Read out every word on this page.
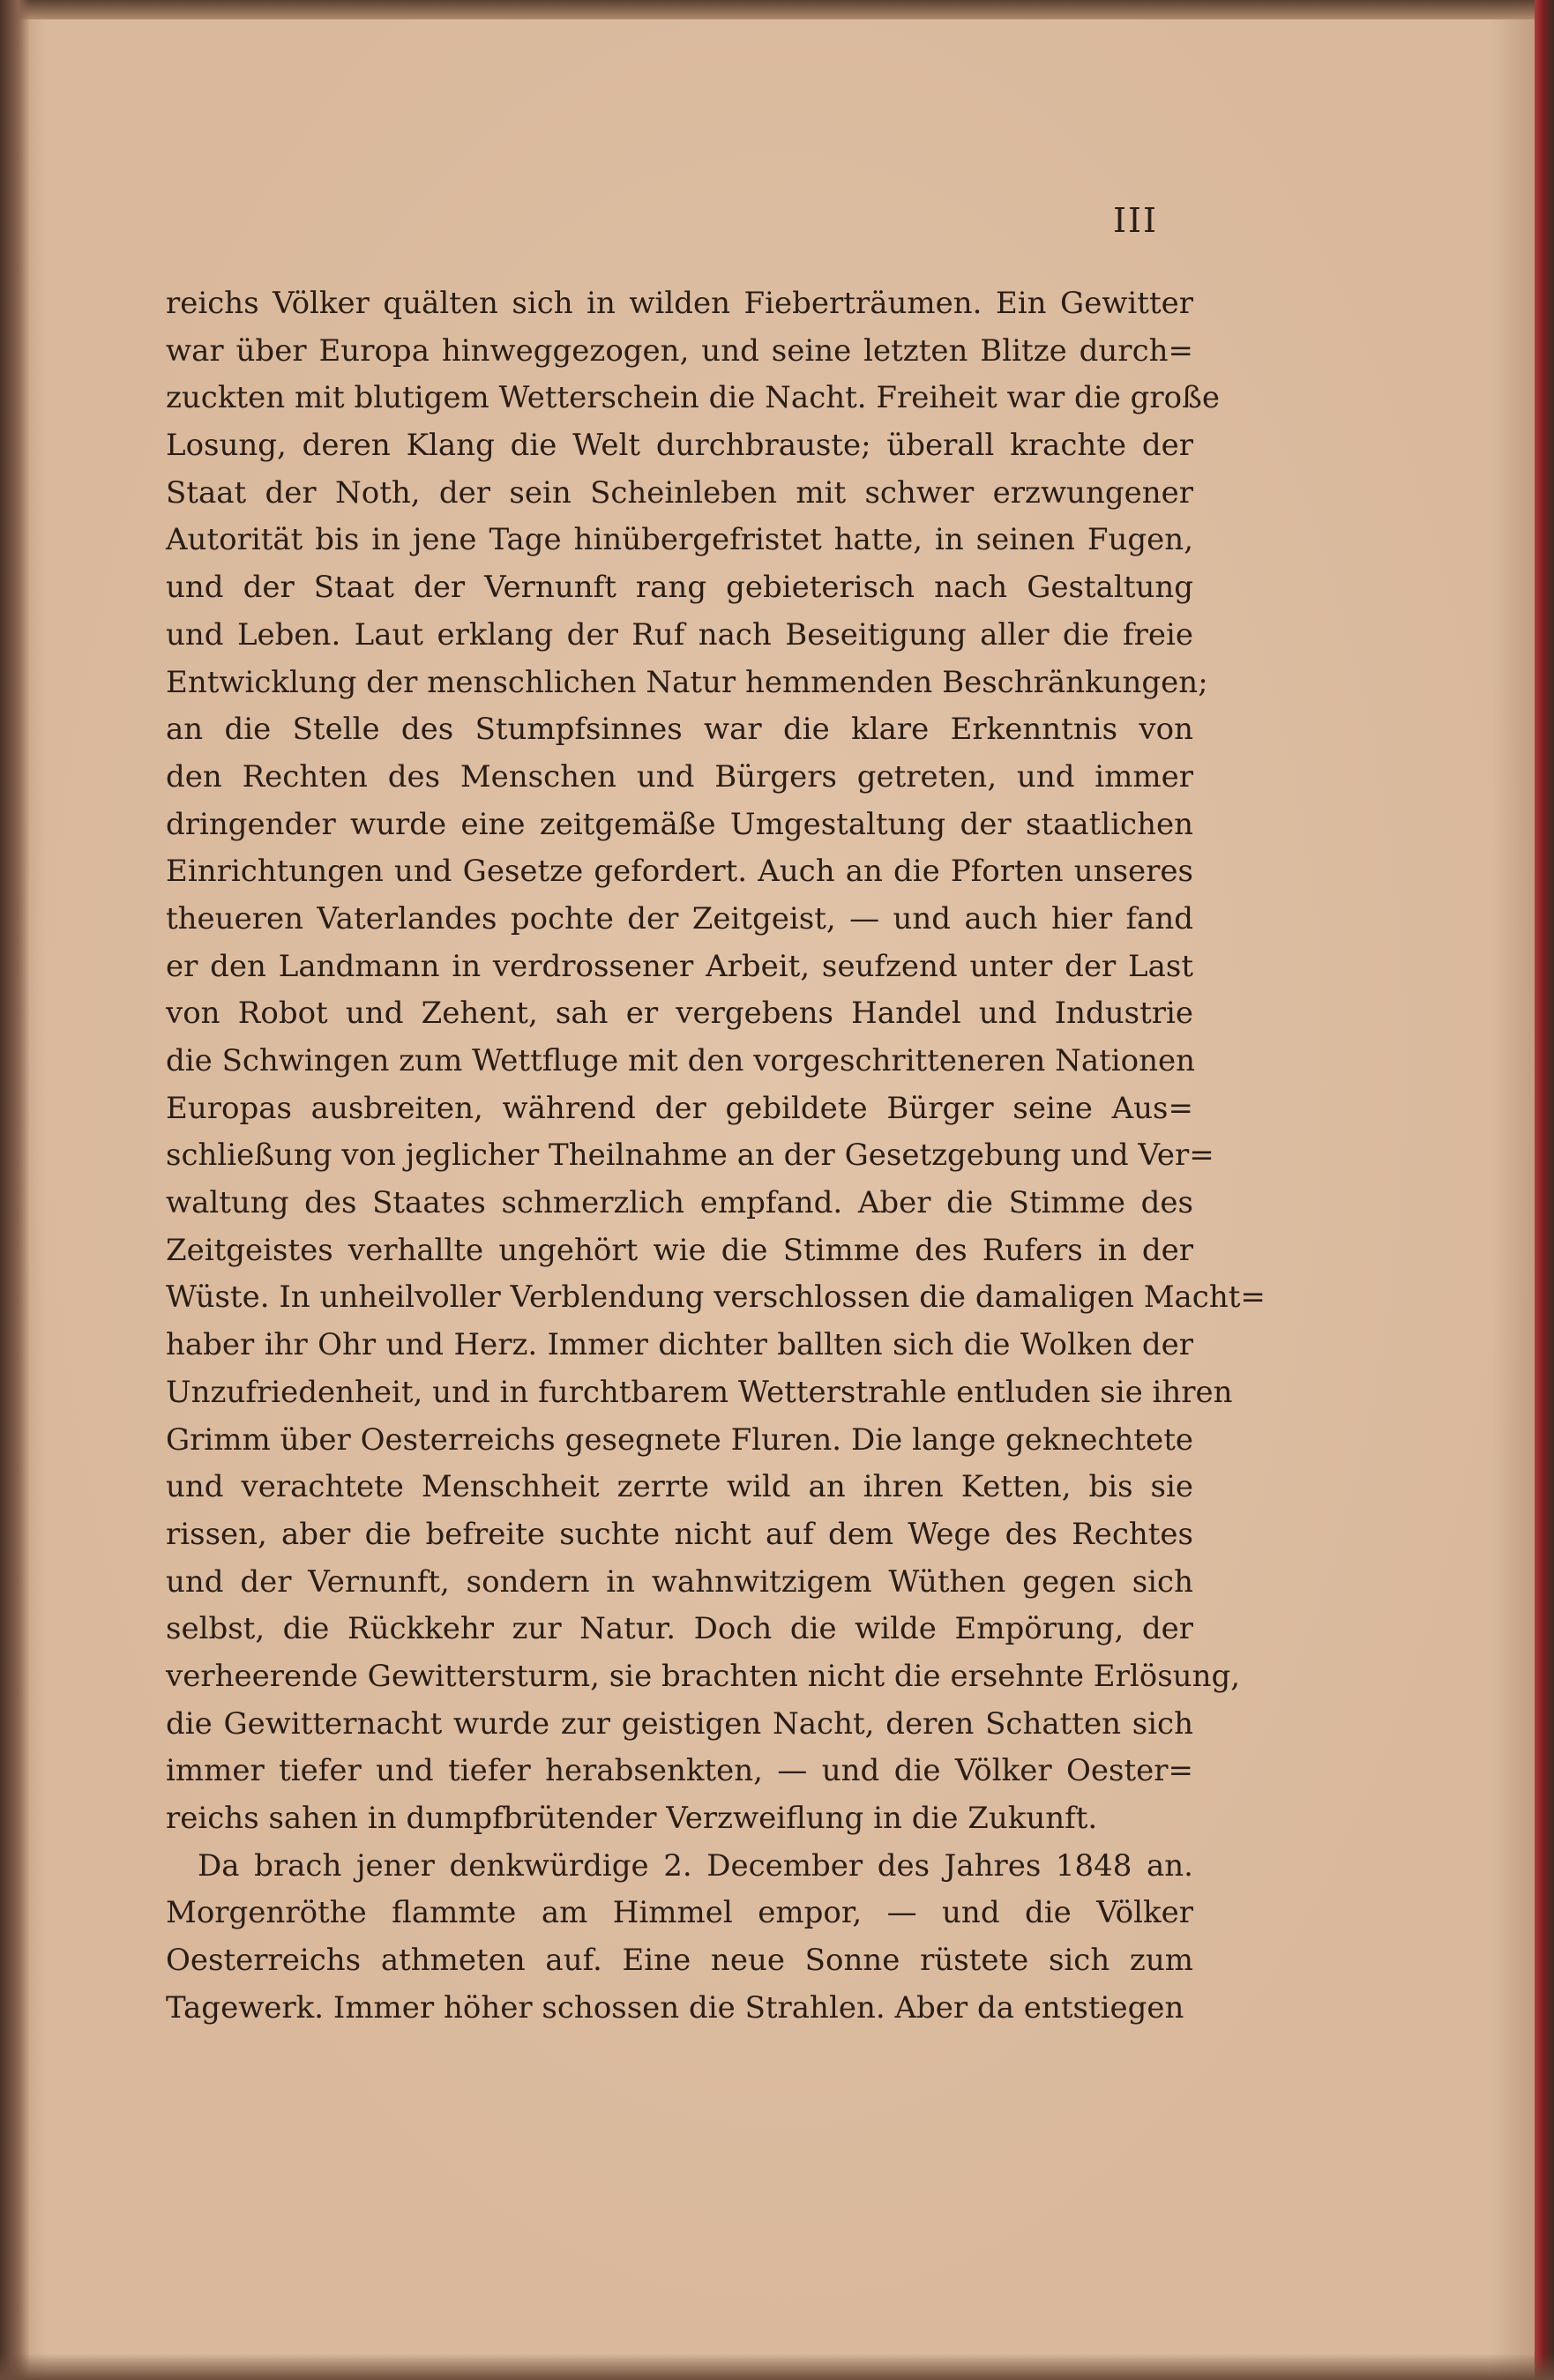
III
reichs Völker quälten sich in wilden Fieberträumen. Ein Gewitter
war über Europa hinweggezogen, und seine letzten Blitze durch=
zuckten mit blutigem Wetterschein die Nacht. Freiheit war die große
Losung, deren Klang die Welt durchbrauste; überall krachte der
Staat der Noth, der sein Scheinleben mit schwer erzwungener
Autorität bis in jene Tage hinübergefristet hatte, in seinen Fugen,
und der Staat der Vernunft rang gebieterisch nach Gestaltung
und Leben. Laut erklang der Ruf nach Beseitigung aller die freie
Entwicklung der menschlichen Natur hemmenden Beschränkungen;
an die Stelle des Stumpfsinnes war die klare Erkenntnis von
den Rechten des Menschen und Bürgers getreten, und immer
dringender wurde eine zeitgemäße Umgestaltung der staatlichen
Einrichtungen und Gesetze gefordert. Auch an die Pforten unseres
theueren Vaterlandes pochte der Zeitgeist, — und auch hier fand
er den Landmann in verdrossener Arbeit, seufzend unter der Last
von Robot und Zehent, sah er vergebens Handel und Industrie
die Schwingen zum Wettfluge mit den vorgeschritteneren Nationen
Europas ausbreiten, während der gebildete Bürger seine Aus=
schließung von jeglicher Theilnahme an der Gesetzgebung und Ver=
waltung des Staates schmerzlich empfand. Aber die Stimme des
Zeitgeistes verhallte ungehört wie die Stimme des Rufers in der
Wüste. In unheilvoller Verblendung verschlossen die damaligen Macht=
haber ihr Ohr und Herz. Immer dichter ballten sich die Wolken der
Unzufriedenheit, und in furchtbarem Wetterstrahle entluden sie ihren
Grimm über Oesterreichs gesegnete Fluren. Die lange geknechtete
und verachtete Menschheit zerrte wild an ihren Ketten, bis sie
rissen, aber die befreite suchte nicht auf dem Wege des Rechtes
und der Vernunft, sondern in wahnwitzigem Wüthen gegen sich
selbst, die Rückkehr zur Natur. Doch die wilde Empörung, der
verheerende Gewittersturm, sie brachten nicht die ersehnte Erlösung,
die Gewitternacht wurde zur geistigen Nacht, deren Schatten sich
immer tiefer und tiefer herabsenkten, — und die Völker Oester=
reichs sahen in dumpfbrütender Verzweiflung in die Zukunft.
Da brach jener denkwürdige 2. December des Jahres 1848 an.
Morgenröthe flammte am Himmel empor, — und die Völker
Oesterreichs athmeten auf. Eine neue Sonne rüstete sich zum
Tagewerk. Immer höher schossen die Strahlen. Aber da entstiegen
